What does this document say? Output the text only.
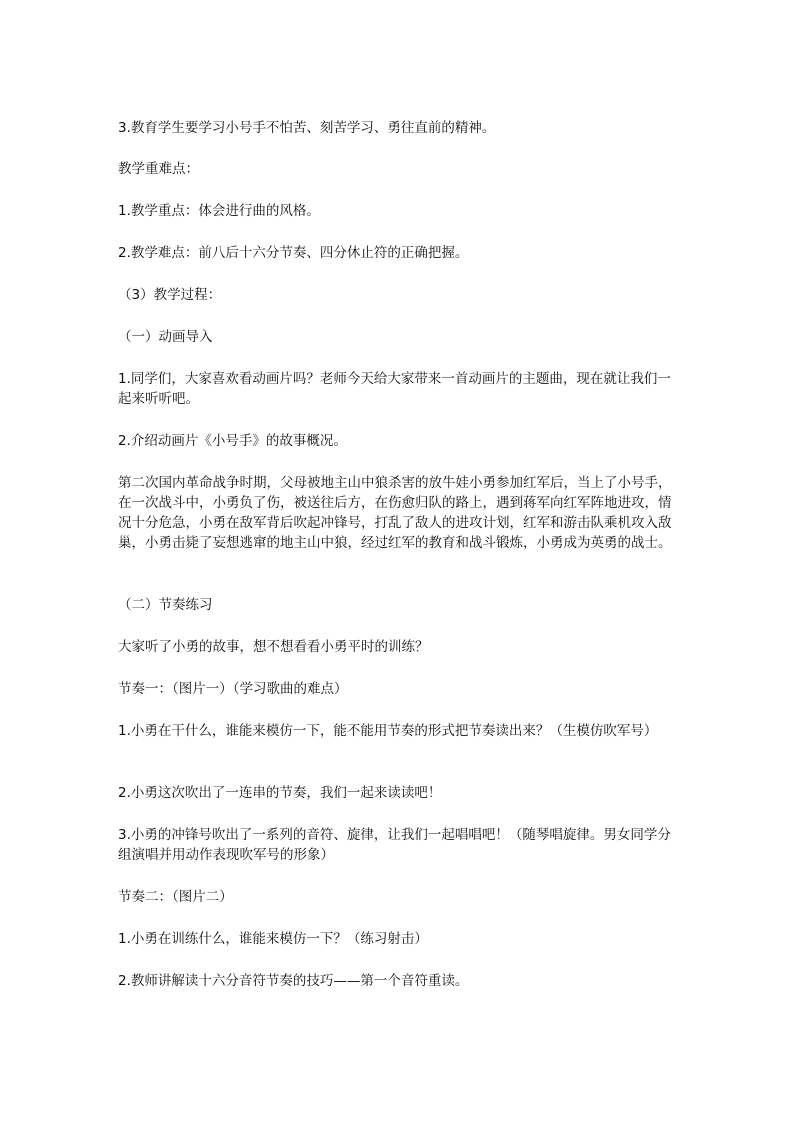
3.教育学生要学习小号手不怕苦、刻苦学习、勇往直前的精神。

教学重难点：

1.教学重点：体会进行曲的风格。

2.教学难点：前八后十六分节奏、四分休止符的正确把握。

（3）教学过程：

（一）动画导入

1.同学们，大家喜欢看动画片吗？老师今天给大家带来一首动画片的主题曲，现在就让我们一起来听听吧。

2.介绍动画片《小号手》的故事概况。

第二次国内革命战争时期，父母被地主山中狼杀害的放牛娃小勇参加红军后，当上了小号手，在一次战斗中，小勇负了伤，被送往后方，在伤愈归队的路上，遇到蒋军向红军阵地进攻，情况十分危急，小勇在敌军背后吹起冲锋号，打乱了敌人的进攻计划，红军和游击队乘机攻入敌巢，小勇击毙了妄想逃窜的地主山中狼，经过红军的教育和战斗锻炼，小勇成为英勇的战士。

（二）节奏练习

大家听了小勇的故事，想不想看看小勇平时的训练？

节奏一：（图片一）（学习歌曲的难点）

1.小勇在干什么，谁能来模仿一下，能不能用节奏的形式把节奏读出来？（生模仿吹军号）

2.小勇这次吹出了一连串的节奏，我们一起来读读吧！

3.小勇的冲锋号吹出了一系列的音符、旋律，让我们一起唱唱吧！（随琴唱旋律。男女同学分组演唱并用动作表现吹军号的形象）

节奏二：（图片二）

1.小勇在训练什么，谁能来模仿一下？（练习射击）

2.教师讲解读十六分音符节奏的技巧——第一个音符重读。
